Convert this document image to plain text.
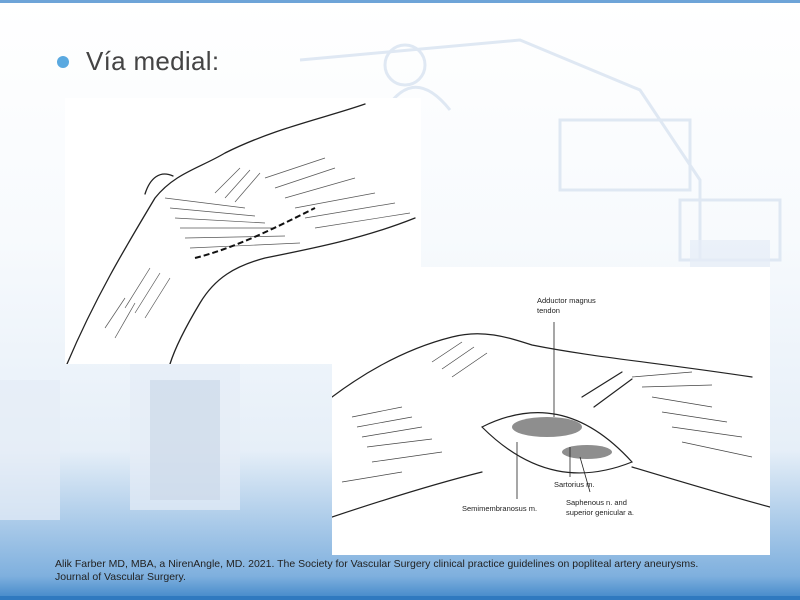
Vía medial:
Adductor magnus
tendon
Sartorius m.
Semimembranosus m.
Saphenous n. and
superior genicular a.
Alik Farber MD, MBA, a NirenAngle, MD. 2021. The Society for Vascular Surgery clinical practice guidelines on popliteal artery aneurysms.
Journal of Vascular Surgery.
